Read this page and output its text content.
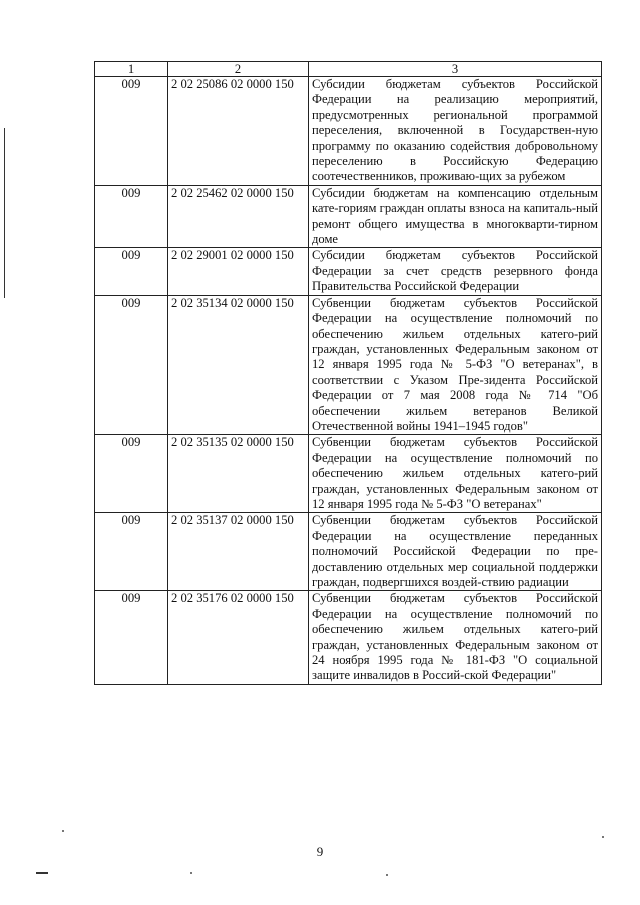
1	2	3
009	2 02 25086 02 0000 150	Субсидии бюджетам субъектов Российской Федерации на реализацию мероприятий, предусмотренных региональной программой переселения, включенной в Государствен-ную программу по оказанию содействия добровольному переселению в Российскую Федерацию соотечественников, проживаю-щих за рубежом
009	2 02 25462 02 0000 150	Субсидии бюджетам на компенсацию отдельным кате-гориям граждан оплаты взноса на капиталь-ный ремонт общего имущества в многокварти-тирном доме
009	2 02 29001 02 0000 150	Субсидии бюджетам субъектов Российской Федерации за счет средств резервного фонда Правительства Российской Федерации
009	2 02 35134 02 0000 150	Субвенции бюджетам субъектов Российской Федерации на осуществление полномочий по обеспечению жильем отдельных катего-рий граждан, установленных Федеральным законом от 12 января 1995 года № 5-ФЗ "О ветеранах", в соответствии с Указом Пре-зидента Российской Федерации от 7 мая 2008 года № 714 "Об обеспечении жильем ветеранов Великой Отечественной войны 1941–1945 годов"
009	2 02 35135 02 0000 150	Субвенции бюджетам субъектов Российской Федерации на осуществление полномочий по обеспечению жильем отдельных катего-рий граждан, установленных Федеральным законом от 12 января 1995 года № 5-ФЗ "О ветеранах"
009	2 02 35137 02 0000 150	Субвенции бюджетам субъектов Российской Федерации на осуществление переданных полномочий Российской Федерации по пре-доставлению отдельных мер социальной поддержки граждан, подвергшихся воздей-ствию радиации
009	2 02 35176 02 0000 150	Субвенции бюджетам субъектов Российской Федерации на осуществление полномочий по обеспечению жильем отдельных катего-рий граждан, установленных Федеральным законом от 24 ноября 1995 года № 181-ФЗ "О социальной защите инвалидов в Россий-ской Федерации"
9
